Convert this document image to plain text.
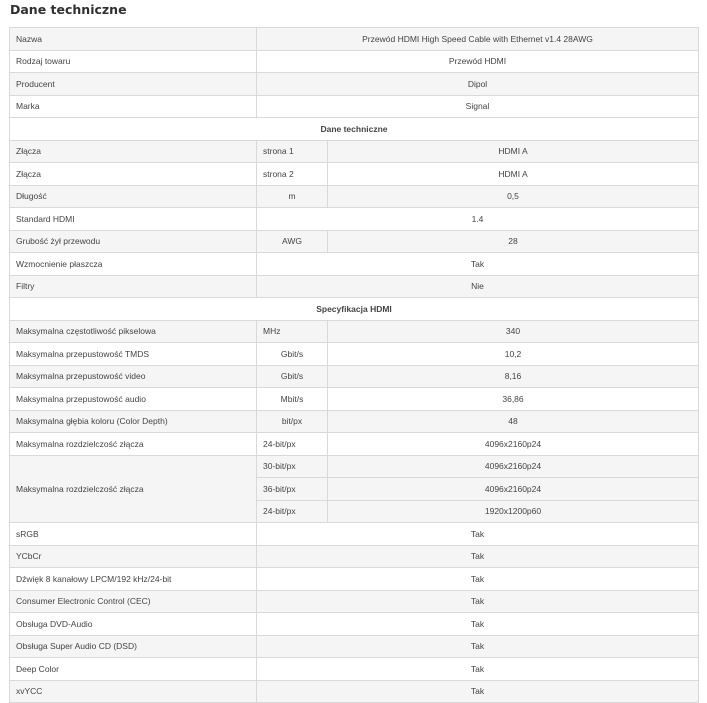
Dane techniczne
Nazwa	Przewód HDMI High Speed Cable with Ethernet v1.4 28AWG	
Rodzaj towaru	Przewód HDMI	
Producent	Dipol	
Marka	Signal	
Dane techniczne		
Złącza	strona 1	HDMI A
Złącza	strona 2	HDMI A
Długość	m	0,5
Standard HDMI	1.4	
Grubość żył przewodu	AWG	28
Wzmocnienie płaszcza	Tak	
Filtry	Nie	
Specyfikacja HDMI		
Maksymalna częstotliwość pikselowa	MHz	340
Maksymalna przepustowość TMDS	Gbit/s	10,2
Maksymalna przepustowość video	Gbit/s	8,16
Maksymalna przepustowość audio	Mbit/s	36,86
Maksymalna głębia koloru (Color Depth)	bit/px	48
Maksymalna rozdzielczość złącza	24-bit/px	4096x2160p24
Maksymalna rozdzielczość złącza	30-bit/px	4096x2160p24
	36-bit/px	4096x2160p24
	24-bit/px	1920x1200p60
sRGB	Tak	
YCbCr	Tak	
Dźwięk 8 kanałowy LPCM/192 kHz/24-bit	Tak	
Consumer Electronic Control (CEC)	Tak	
Obsługa DVD-Audio	Tak	
Obsługa Super Audio CD (DSD)	Tak	
Deep Color	Tak	
xvYCC	Tak	
